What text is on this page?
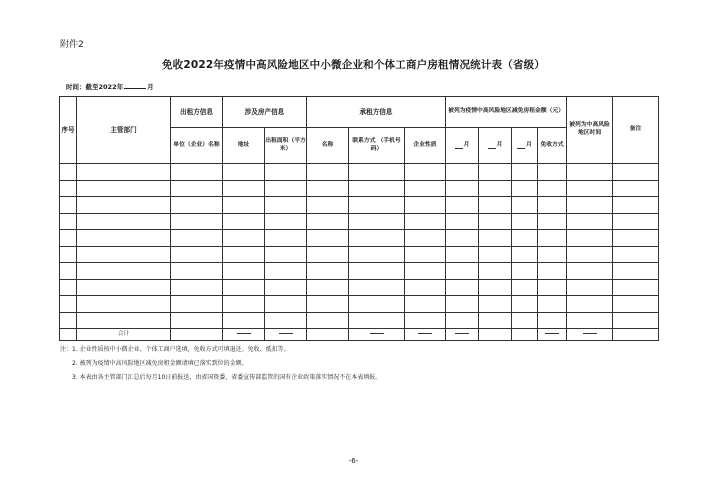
附件2
免收2022年疫情中高风险地区中小微企业和个体工商户房租情况统计表（省级）
时间：截至2022年	月
序号	主管部门	出租方信息	涉及房产信息		承租方信息			被列为疫情中高风险地区减免房租金额（元）				被列为中高风险地区时间	备注
		单位（企业）名称	地址	出租面积（平方米）	名称	联系方式 （手机号码）	企业性质	月	月	月	免收方式		

	合计												
注：1. 企业性质按中小微企业、个体工商户选填，免收方式可填退还、免收、抵扣等。
2. 被列为疫情中高风险地区减免房租金额请填已落实到位的金额。
3. 本表由各主管部门汇总后每月10日前报送，由省国资委、省委宣传部监管的国有企业政策落实情况不在本表填报。
-6-
